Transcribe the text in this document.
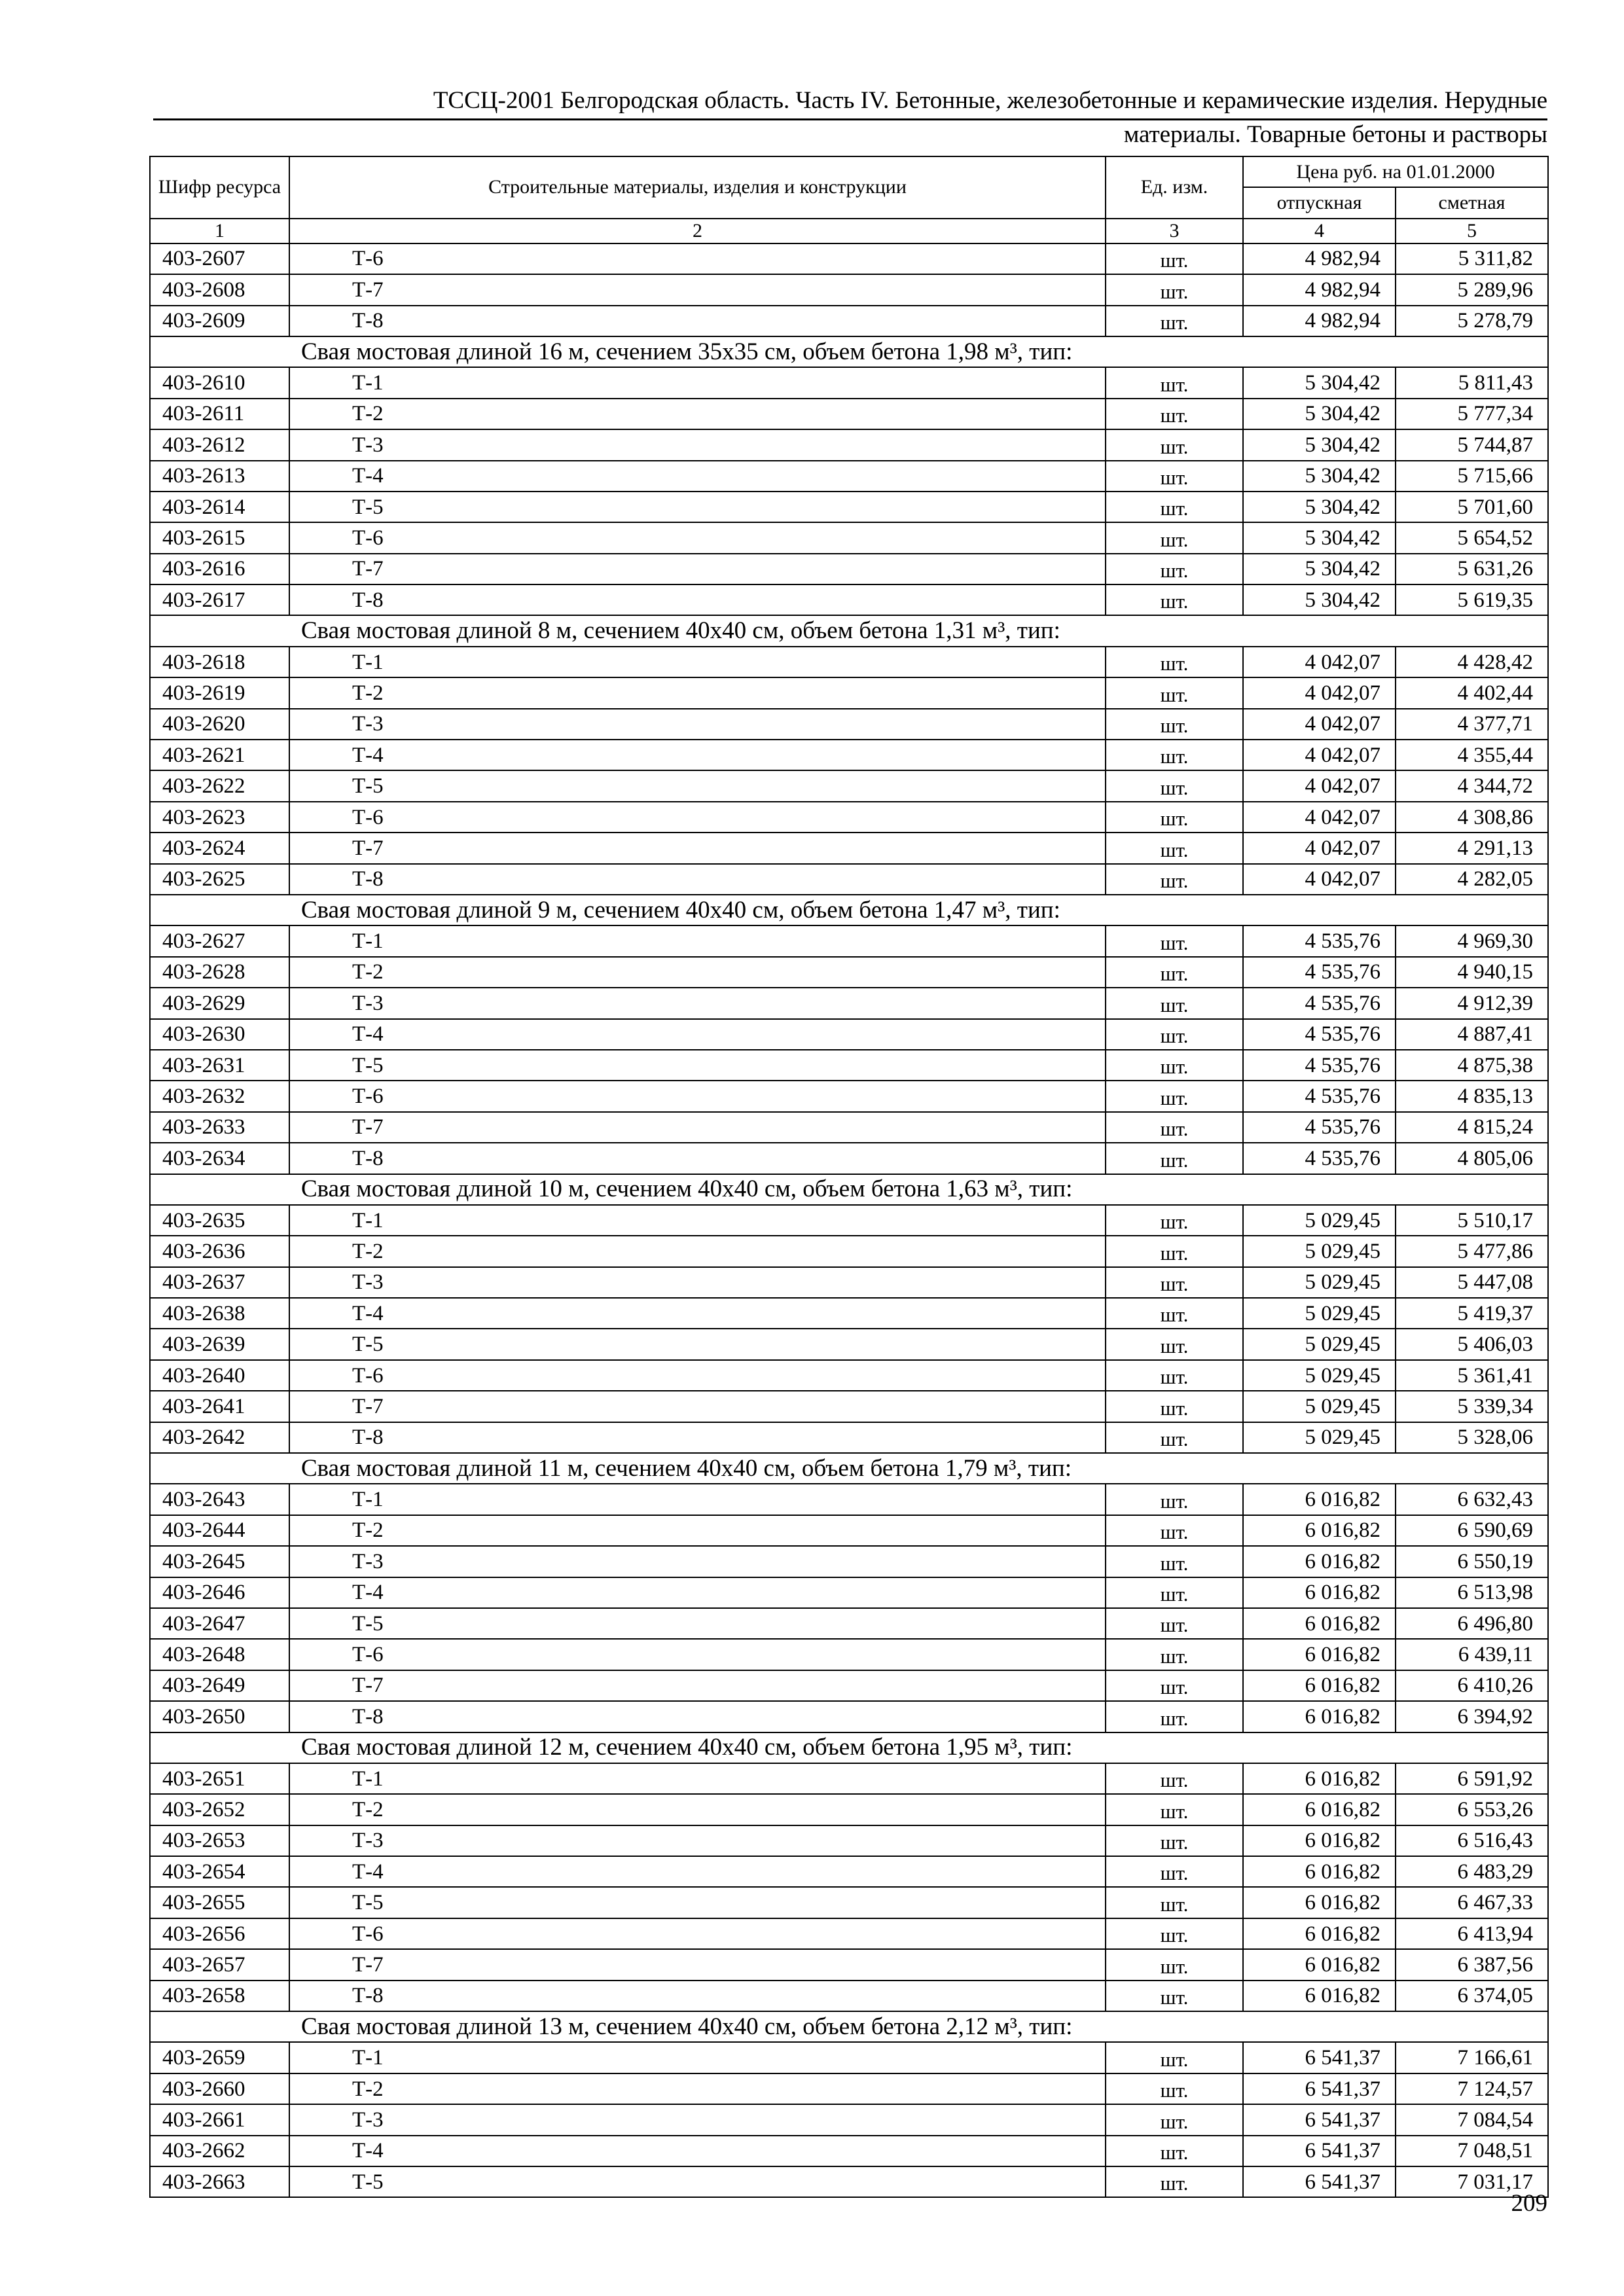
ТССЦ-2001 Белгородская область. Часть IV. Бетонные, железобетонные и керамические изделия. Нерудные
материалы. Товарные бетоны и растворы
Шифр ресурса	Строительные материалы, изделия и конструкции	Ед. изм.	Цена руб. на 01.01.2000	
			отпускная	сметная
1	2	3	4	5
403-2607	Т-6	шт.	4 982,94	5 311,82
403-2608	Т-7	шт.	4 982,94	5 289,96
403-2609	Т-8	шт.	4 982,94	5 278,79
Свая мостовая длиной 16 м, сечением 35х35 см, объем бетона 1,98 м³, тип:				
403-2610	Т-1	шт.	5 304,42	5 811,43
403-2611	Т-2	шт.	5 304,42	5 777,34
403-2612	Т-3	шт.	5 304,42	5 744,87
403-2613	Т-4	шт.	5 304,42	5 715,66
403-2614	Т-5	шт.	5 304,42	5 701,60
403-2615	Т-6	шт.	5 304,42	5 654,52
403-2616	Т-7	шт.	5 304,42	5 631,26
403-2617	Т-8	шт.	5 304,42	5 619,35
Свая мостовая длиной 8 м, сечением 40х40 см, объем бетона 1,31 м³, тип:				
403-2618	Т-1	шт.	4 042,07	4 428,42
403-2619	Т-2	шт.	4 042,07	4 402,44
403-2620	Т-3	шт.	4 042,07	4 377,71
403-2621	Т-4	шт.	4 042,07	4 355,44
403-2622	Т-5	шт.	4 042,07	4 344,72
403-2623	Т-6	шт.	4 042,07	4 308,86
403-2624	Т-7	шт.	4 042,07	4 291,13
403-2625	Т-8	шт.	4 042,07	4 282,05
Свая мостовая длиной 9 м, сечением 40х40 см, объем бетона 1,47 м³, тип:				
403-2627	Т-1	шт.	4 535,76	4 969,30
403-2628	Т-2	шт.	4 535,76	4 940,15
403-2629	Т-3	шт.	4 535,76	4 912,39
403-2630	Т-4	шт.	4 535,76	4 887,41
403-2631	Т-5	шт.	4 535,76	4 875,38
403-2632	Т-6	шт.	4 535,76	4 835,13
403-2633	Т-7	шт.	4 535,76	4 815,24
403-2634	Т-8	шт.	4 535,76	4 805,06
Свая мостовая длиной 10 м, сечением 40х40 см, объем бетона 1,63 м³, тип:				
403-2635	Т-1	шт.	5 029,45	5 510,17
403-2636	Т-2	шт.	5 029,45	5 477,86
403-2637	Т-3	шт.	5 029,45	5 447,08
403-2638	Т-4	шт.	5 029,45	5 419,37
403-2639	Т-5	шт.	5 029,45	5 406,03
403-2640	Т-6	шт.	5 029,45	5 361,41
403-2641	Т-7	шт.	5 029,45	5 339,34
403-2642	Т-8	шт.	5 029,45	5 328,06
Свая мостовая длиной 11 м, сечением 40х40 см, объем бетона 1,79 м³, тип:				
403-2643	Т-1	шт.	6 016,82	6 632,43
403-2644	Т-2	шт.	6 016,82	6 590,69
403-2645	Т-3	шт.	6 016,82	6 550,19
403-2646	Т-4	шт.	6 016,82	6 513,98
403-2647	Т-5	шт.	6 016,82	6 496,80
403-2648	Т-6	шт.	6 016,82	6 439,11
403-2649	Т-7	шт.	6 016,82	6 410,26
403-2650	Т-8	шт.	6 016,82	6 394,92
Свая мостовая длиной 12 м, сечением 40х40 см, объем бетона 1,95 м³, тип:				
403-2651	Т-1	шт.	6 016,82	6 591,92
403-2652	Т-2	шт.	6 016,82	6 553,26
403-2653	Т-3	шт.	6 016,82	6 516,43
403-2654	Т-4	шт.	6 016,82	6 483,29
403-2655	Т-5	шт.	6 016,82	6 467,33
403-2656	Т-6	шт.	6 016,82	6 413,94
403-2657	Т-7	шт.	6 016,82	6 387,56
403-2658	Т-8	шт.	6 016,82	6 374,05
Свая мостовая длиной 13 м, сечением 40х40 см, объем бетона 2,12 м³, тип:				
403-2659	Т-1	шт.	6 541,37	7 166,61
403-2660	Т-2	шт.	6 541,37	7 124,57
403-2661	Т-3	шт.	6 541,37	7 084,54
403-2662	Т-4	шт.	6 541,37	7 048,51
403-2663	Т-5	шт.	6 541,37	7 031,17
209
